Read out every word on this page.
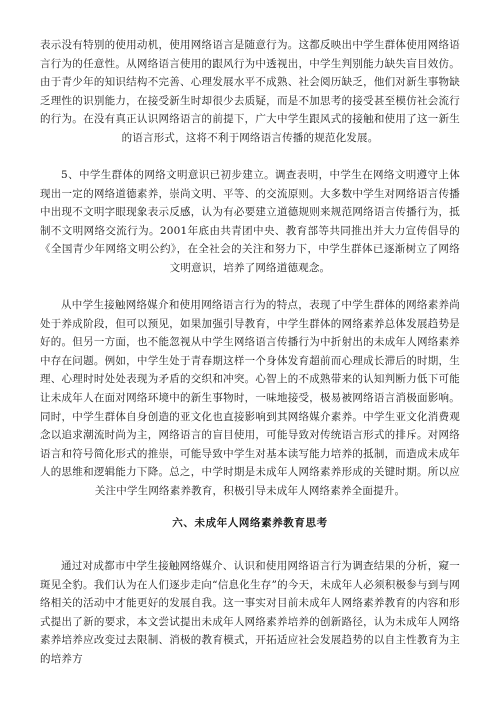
表示没有特别的使用动机，使用网络语言是随意行为。这都反映出中学生群体使用网络语言行为的任意性。从网络语言使用的跟风行为中透视出，中学生判别能力缺失盲目效仿。由于青少年的知识结构不完善、心理发展水平不成熟、社会阅历缺乏，他们对新生事物缺乏理性的识别能力，在接受新生时却很少去质疑，而是不加思考的接受甚至模仿社会流行的行为。在没有真正认识网络语言的前提下，广大中学生跟风式的接触和使用了这一新生的语言形式，这将不利于网络语言传播的规范化发展。

5、中学生群体的网络文明意识已初步建立。调查表明，中学生在网络文明遵守上体现出一定的网络道德素养，崇尚文明、平等、的交流原则。大多数中学生对网络语言传播中出现不文明字眼现象表示反感，认为有必要建立道德规则来规范网络语言传播行为，抵制不文明网络交流行为。2001年底由共青团中央、教育部等共同推出并大力宣传倡导的《全国青少年网络文明公约》，在全社会的关注和努力下，中学生群体已逐渐树立了网络文明意识，培养了网络道德观念。

从中学生接触网络媒介和使用网络语言行为的特点，表现了中学生群体的网络素养尚处于养成阶段，但可以预见，如果加强引导教育，中学生群体的网络素养总体发展趋势是好的。但另一方面，也不能忽视从中学生网络语言传播行为中折射出的未成年人网络素养中存在问题。例如，中学生处于青春期这样一个身体发育超前而心理成长滞后的时期，生理、心理时时处处表现为矛盾的交织和冲突。心智上的不成熟带来的认知判断力低下可能让未成年人在面对网络环境中的新生事物时，一味地接受，极易被网络语言消极面影响。同时，中学生群体自身创造的亚文化也直接影响到其网络媒介素养。中学生亚文化消费观念以追求潮流时尚为主，网络语言的盲目使用，可能导致对传统语言形式的排斥。对网络语言和符号简化形式的推崇，可能导致中学生对基本读写能力培养的抵制，而造成未成年人的思维和逻辑能力下降。总之，中学时期是未成年人网络素养形成的关键时期。所以应关注中学生网络素养教育，积极引导未成年人网络素养全面提升。

六、未成年人网络素养教育思考

通过对成都市中学生接触网络媒介、认识和使用网络语言行为调查结果的分析，窥一斑见全豹。我们认为在人们逐步走向“信息化生存”的今天，未成年人必须积极参与到与网络相关的活动中才能更好的发展自我。这一事实对目前未成年人网络素养教育的内容和形式提出了新的要求，本文尝试提出未成年人网络素养培养的创新路径，认为未成年人网络素养培养应改变过去限制、消极的教育模式，开拓适应社会发展趋势的以自主性教育为主的培养方
